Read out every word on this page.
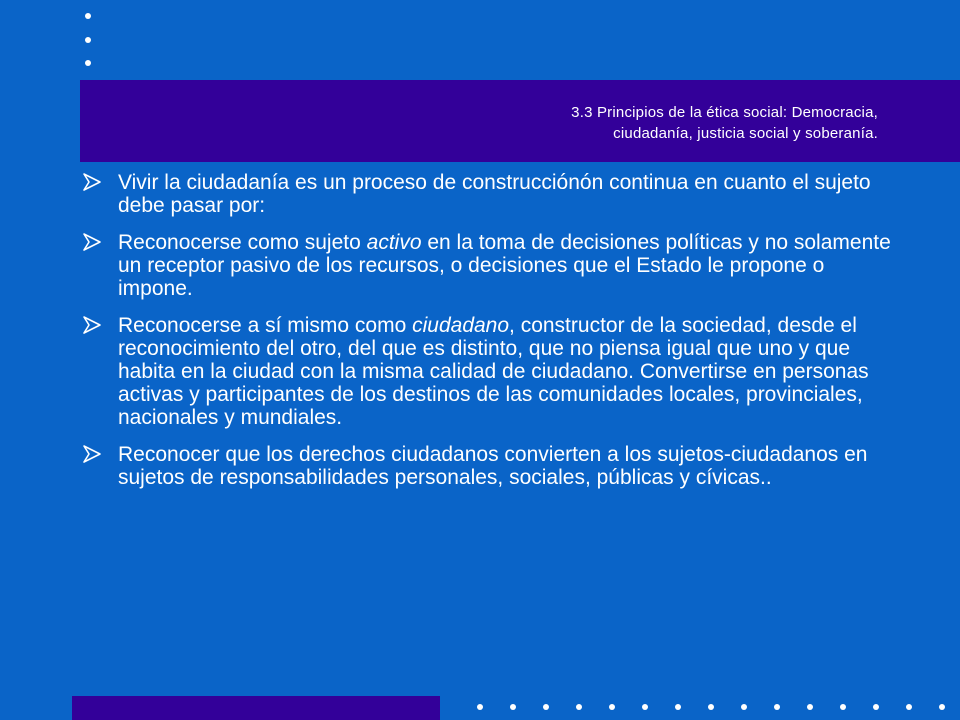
3.3 Principios de la ética social: Democracia,
ciudadanía, justicia social y soberanía.
Vivir la ciudadanía es un proceso de construcciónón continua en cuanto el sujeto debe pasar por:
Reconocerse como sujeto activo en la toma de decisiones políticas y no solamente un receptor pasivo de los recursos, o decisiones que el Estado le propone o impone.
Reconocerse a sí mismo como ciudadano, constructor de la sociedad, desde el reconocimiento del otro, del que es distinto, que no piensa igual que uno y que habita en la ciudad con la misma calidad de ciudadano. Convertirse en personas activas y participantes de los destinos de las comunidades locales, provinciales, nacionales y mundiales.
Reconocer que los derechos ciudadanos convierten a los sujetos-ciudadanos en sujetos de responsabilidades personales, sociales, públicas y cívicas..
